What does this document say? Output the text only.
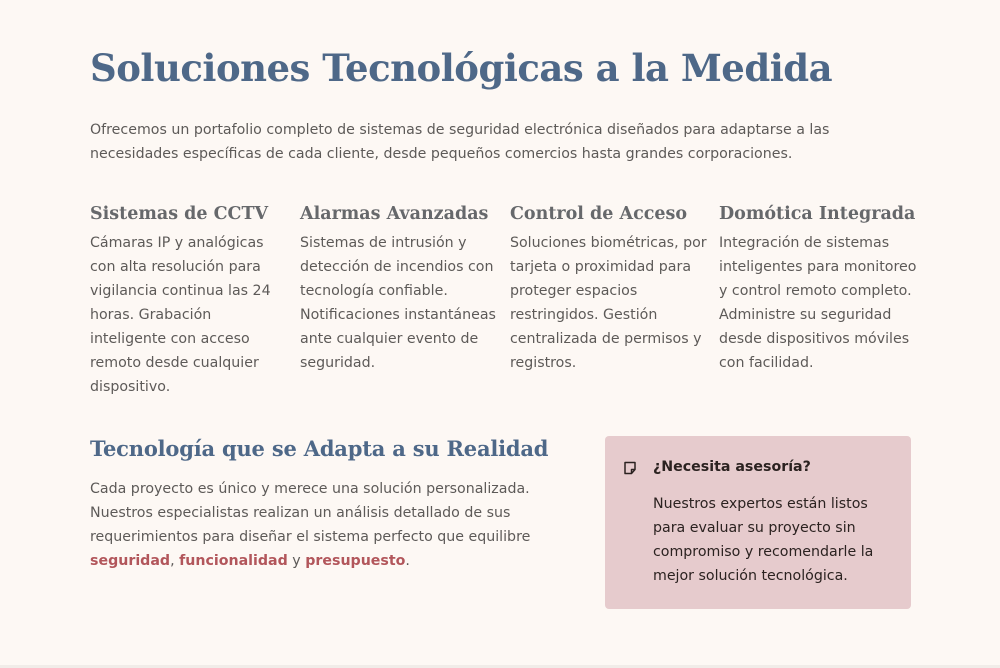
Soluciones Tecnológicas a la Medida

Ofrecemos un portafolio completo de sistemas de seguridad electrónica diseñados para adaptarse a las necesidades específicas de cada cliente, desde pequeños comercios hasta grandes corporaciones.

Sistemas de CCTV

Cámaras IP y analógicas con alta resolución para vigilancia continua las 24 horas. Grabación inteligente con acceso remoto desde cualquier dispositivo.

Alarmas Avanzadas

Sistemas de intrusión y detección de incendios con tecnología confiable. Notificaciones instantáneas ante cualquier evento de seguridad.

Control de Acceso

Soluciones biométricas, por tarjeta o proximidad para proteger espacios restringidos. Gestión centralizada de permisos y registros.

Domótica Integrada

Integración de sistemas inteligentes para monitoreo y control remoto completo. Administre su seguridad desde dispositivos móviles con facilidad.

Tecnología que se Adapta a su Realidad

Cada proyecto es único y merece una solución personalizada. Nuestros especialistas realizan un análisis detallado de sus requerimientos para diseñar el sistema perfecto que equilibre seguridad, funcionalidad y presupuesto.

¿Necesita asesoría?

Nuestros expertos están listos para evaluar su proyecto sin compromiso y recomendarle la mejor solución tecnológica.
